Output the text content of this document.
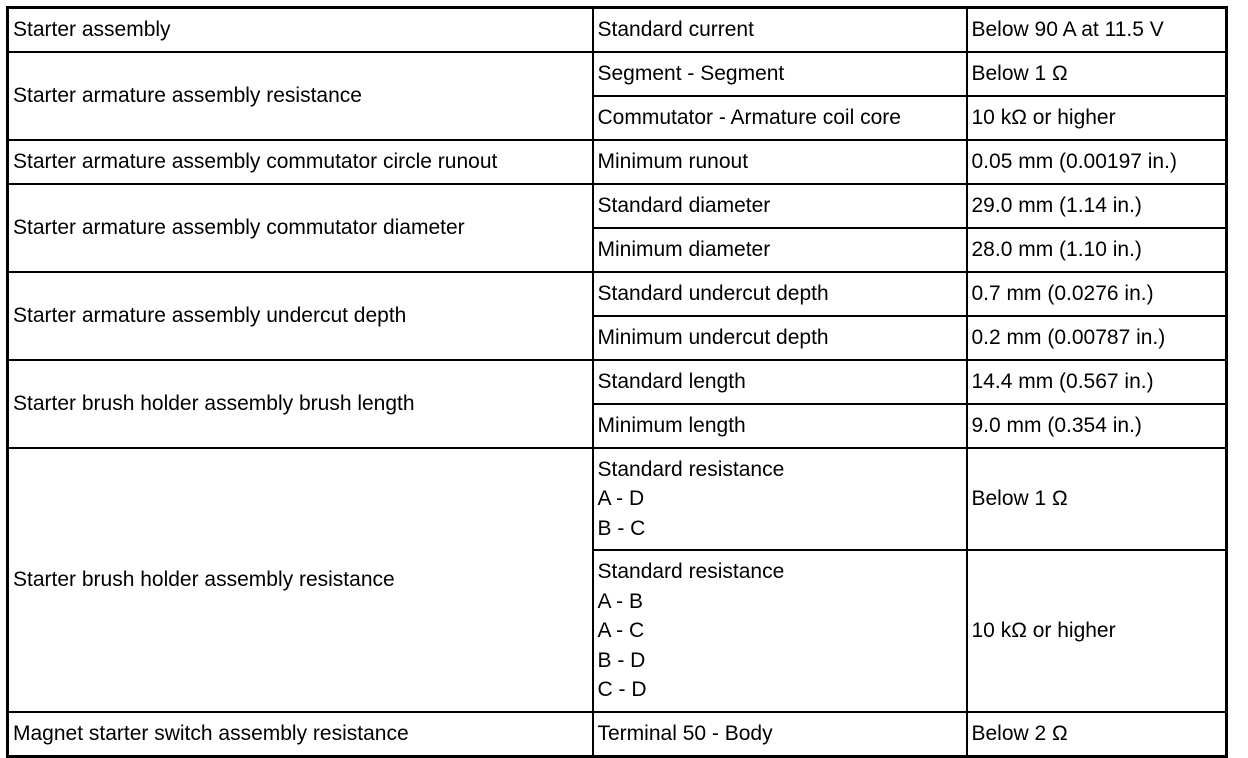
Starter assembly	Standard current	Below 90 A at 11.5 V
Starter armature assembly resistance	Segment - Segment	Below 1 Ω
	Commutator - Armature coil core	10 kΩ or higher
Starter armature assembly commutator circle runout	Minimum runout	0.05 mm (0.00197 in.)
Starter armature assembly commutator diameter	Standard diameter	29.0 mm (1.14 in.)
	Minimum diameter	28.0 mm (1.10 in.)
Starter armature assembly undercut depth	Standard undercut depth	0.7 mm (0.0276 in.)
	Minimum undercut depth	0.2 mm (0.00787 in.)
Starter brush holder assembly brush length	Standard length	14.4 mm (0.567 in.)
	Minimum length	9.0 mm (0.354 in.)
Starter brush holder assembly resistance	Standard resistance
A - D
B - C	Below 1 Ω
	Standard resistance
A - B
A - C
B - D
C - D	10 kΩ or higher
Magnet starter switch assembly resistance	Terminal 50 - Body	Below 2 Ω
